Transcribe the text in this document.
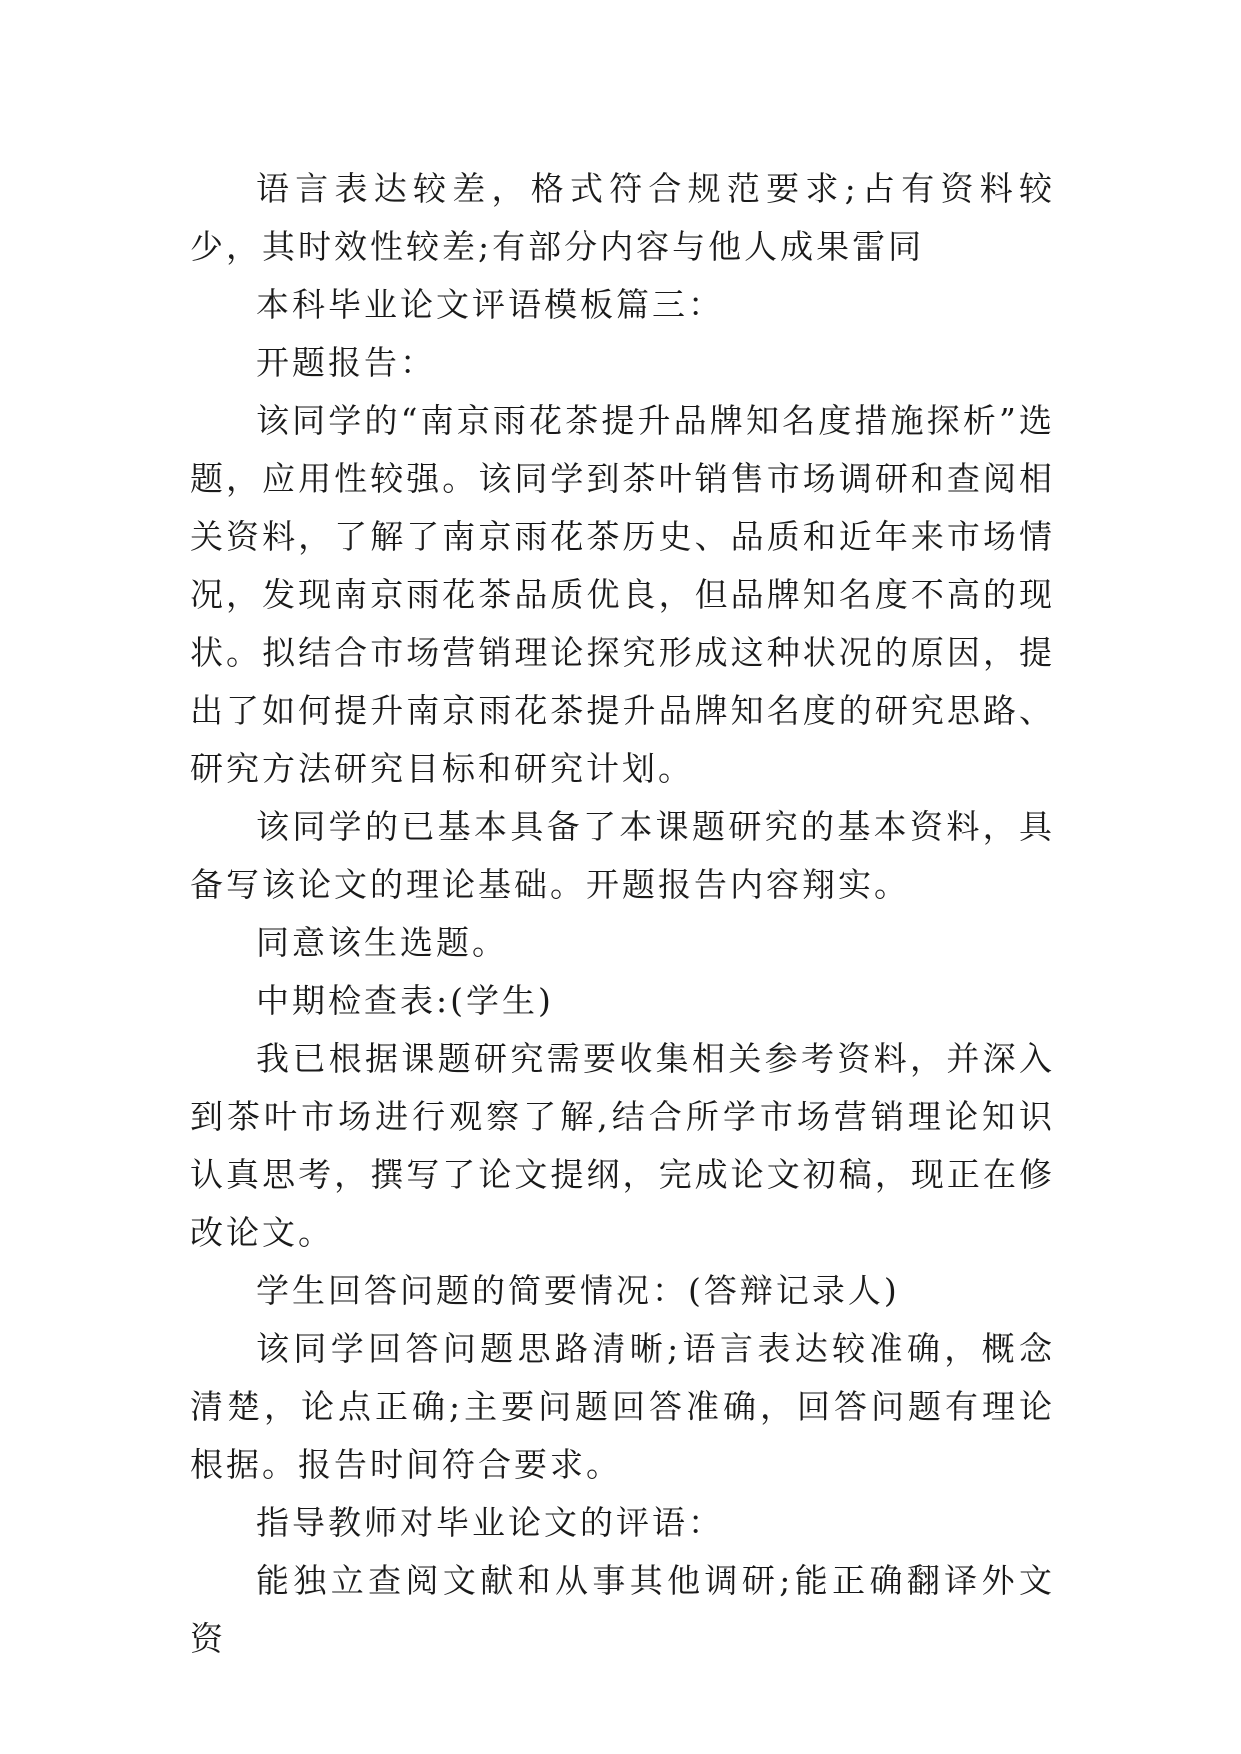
语言表达较差，格式符合规范要求;占有资料较少，其时效性较差;有部分内容与他人成果雷同

本科毕业论文评语模板篇三：

开题报告：

该同学的“南京雨花茶提升品牌知名度措施探析”选题，应用性较强。该同学到茶叶销售市场调研和查阅相关资料，了解了南京雨花茶历史、品质和近年来市场情况，发现南京雨花茶品质优良，但品牌知名度不高的现状。拟结合市场营销理论探究形成这种状况的原因，提出了如何提升南京雨花茶提升品牌知名度的研究思路、研究方法研究目标和研究计划。

该同学的已基本具备了本课题研究的基本资料，具备写该论文的理论基础。开题报告内容翔实。

同意该生选题。

中期检查表:(学生)

我已根据课题研究需要收集相关参考资料，并深入到茶叶市场进行观察了解,结合所学市场营销理论知识认真思考，撰写了论文提纲，完成论文初稿，现正在修改论文。

学生回答问题的简要情况：(答辩记录人)

该同学回答问题思路清晰;语言表达较准确，概念清楚，论点正确;主要问题回答准确，回答问题有理论根据。报告时间符合要求。

指导教师对毕业论文的评语：

能独立查阅文献和从事其他调研;能正确翻译外文资
